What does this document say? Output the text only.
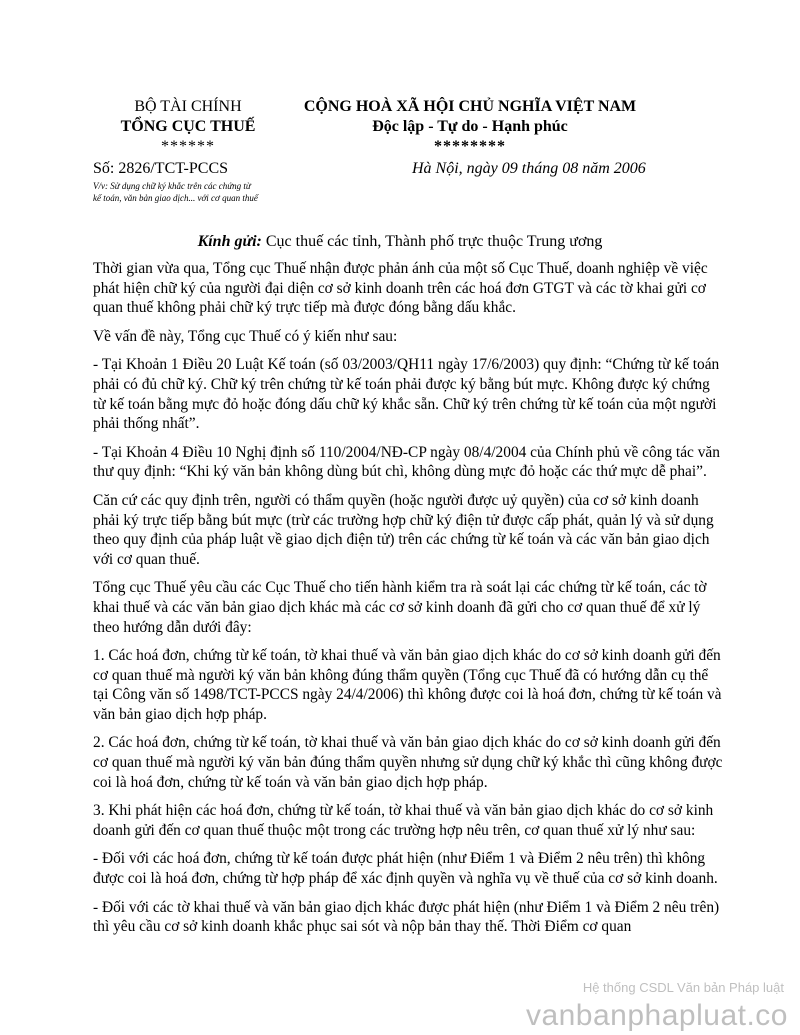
BỘ TÀI CHÍNH
TỔNG CỤC THUẾ
******
CỘNG HOÀ XÃ HỘI CHỦ NGHĨA VIỆT NAM
Độc lập - Tự do - Hạnh phúc
********
Số: 2826/TCT-PCCS
V/v: Sử dụng chữ ký khắc trên các chứng từ
kế toán, văn bản giao dịch... với cơ quan thuế
Hà Nội, ngày 09 tháng 08 năm 2006
Kính gửi: Cục thuế các tỉnh, Thành phố trực thuộc Trung ương

Thời gian vừa qua, Tổng cục Thuế nhận được phản ánh của một số Cục Thuế, doanh nghiệp về việc phát hiện chữ ký của người đại diện cơ sở kinh doanh trên các hoá đơn GTGT và các tờ khai gửi cơ quan thuế không phải chữ ký trực tiếp mà được đóng bằng dấu khắc.

Về vấn đề này, Tổng cục Thuế có ý kiến như sau:

- Tại Khoản 1 Điều 20 Luật Kế toán (số 03/2003/QH11 ngày 17/6/2003) quy định: “Chứng từ kế toán phải có đủ chữ ký. Chữ ký trên chứng từ kế toán phải được ký bằng bút mực. Không được ký chứng từ kế toán bằng mực đỏ hoặc đóng dấu chữ ký khắc sẵn. Chữ ký trên chứng từ kế toán của một người phải thống nhất”.

- Tại Khoản 4 Điều 10 Nghị định số 110/2004/NĐ-CP ngày 08/4/2004 của Chính phủ về công tác văn thư quy định: “Khi ký văn bản không dùng bút chì, không dùng mực đỏ hoặc các thứ mực dễ phai”.

Căn cứ các quy định trên, người có thẩm quyền (hoặc người được uỷ quyền) của cơ sở kinh doanh phải ký trực tiếp bằng bút mực (trừ các trường hợp chữ ký điện tử được cấp phát, quản lý và sử dụng theo quy định của pháp luật về giao dịch điện tử) trên các chứng từ kế toán và các văn bản giao dịch với cơ quan thuế.

Tổng cục Thuế yêu cầu các Cục Thuế cho tiến hành kiểm tra rà soát lại các chứng từ kế toán, các tờ khai thuế và các văn bản giao dịch khác mà các cơ sở kinh doanh đã gửi cho cơ quan thuế để xử lý theo hướng dẫn dưới đây:

1. Các hoá đơn, chứng từ kế toán, tờ khai thuế và văn bản giao dịch khác do cơ sở kinh doanh gửi đến cơ quan thuế mà người ký văn bản không đúng thẩm quyền (Tổng cục Thuế đã có hướng dẫn cụ thể tại Công văn số 1498/TCT-PCCS ngày 24/4/2006) thì không được coi là hoá đơn, chứng từ kế toán và văn bản giao dịch hợp pháp.

2. Các hoá đơn, chứng từ kế toán, tờ khai thuế và văn bản giao dịch khác do cơ sở kinh doanh gửi đến cơ quan thuế mà người ký văn bản đúng thẩm quyền nhưng sử dụng chữ ký khắc thì cũng không được coi là hoá đơn, chứng từ kế toán và văn bản giao dịch hợp pháp.

3. Khi phát hiện các hoá đơn, chứng từ kế toán, tờ khai thuế và văn bản giao dịch khác do cơ sở kinh doanh gửi đến cơ quan thuế thuộc một trong các trường hợp nêu trên, cơ quan thuế xử lý như sau:

- Đối với các hoá đơn, chứng từ kế toán được phát hiện (như Điểm 1 và Điểm 2 nêu trên) thì không được coi là hoá đơn, chứng từ hợp pháp để xác định quyền và nghĩa vụ về thuế của cơ sở kinh doanh.

- Đối với các tờ khai thuế và văn bản giao dịch khác được phát hiện (như Điểm 1 và Điểm 2 nêu trên) thì yêu cầu cơ sở kinh doanh khắc phục sai sót và nộp bản thay thế. Thời Điểm cơ quan

Hệ thống CSDL Văn bản Pháp luật
vanbanphapluat.co
